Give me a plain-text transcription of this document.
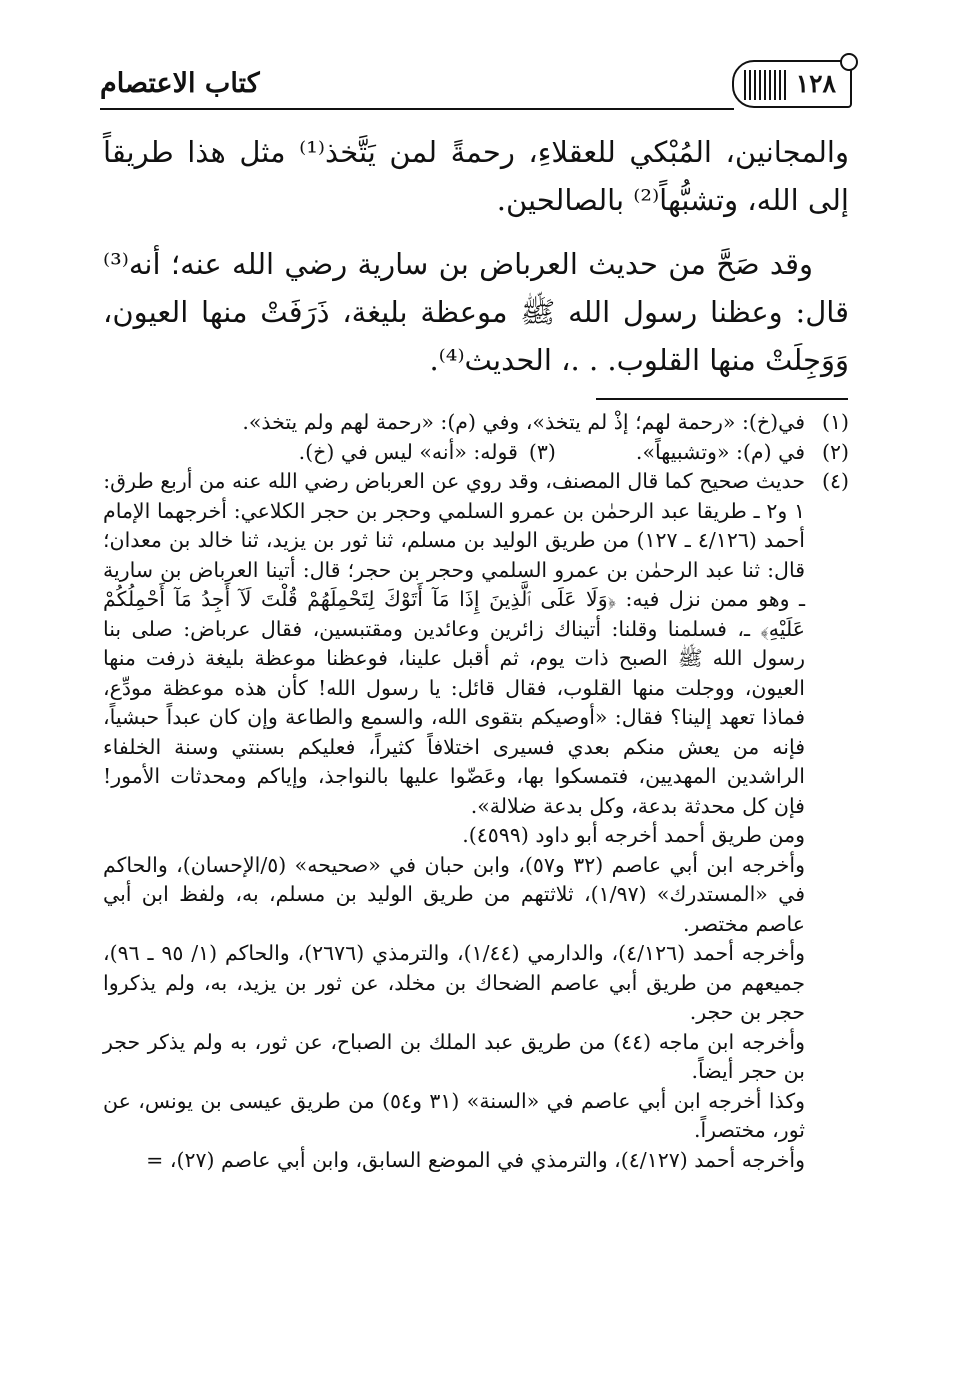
كتاب الاعتصام	١٢٨

والمجانين، المُبْكي للعقلاءِ، رحمةً لمن يَتَّخذ⁽¹⁾ مثل هذا طريقاً إلى الله، وتشبُّهاً⁽²⁾ بالصالحين.

وقد صَحَّ من حديث العرباض بن سارية رضي الله عنه؛ أنه⁽³⁾ قال: وعظنا رسول الله ﷺ موعظة بليغة، ذَرَفَتْ منها العيون، وَوَجِلَتْ منها القلوب. . .، الحديث⁽⁴⁾.

(١)
في(خ): «رحمة لهم؛ إذْ لم يتخذ»، وفي (م): «رحمة لهم ولم يتخذ».
(٢)
في (م): «وتشبيهاً».
(٣)
قوله: «أنه» ليس في (خ).
(٤)
حديث صحيح كما قال المصنف، وقد روي عن العرباض رضي الله عنه من أربع طرق:

١ و٢ ـ طريقا عبد الرحمٰن بن عمرو السلمي وحجر بن حجر الكلاعي: أخرجهما الإمام أحمد (٤/١٢٦ ـ ١٢٧) من طريق الوليد بن مسلم، ثنا ثور بن يزيد، ثنا خالد بن معدان؛ قال: ثنا عبد الرحمٰن بن عمرو السلمي وحجر بن حجر؛ قال: أتينا العرباض بن سارية ـ وهو ممن نزل فيه: ﴿وَلَا عَلَى ٱلَّذِينَ إِذَا مَآ أَتَوْكَ لِتَحْمِلَهُمْ قُلْتَ لَآ أَجِدُ مَآ أَحْمِلُكُمْ عَلَيْهِ﴾ ـ، فسلمنا وقلنا: أتيناك زائرين وعائدين ومقتبسين، فقال عرباض: صلى بنا رسول الله ﷺ الصبح ذات يوم، ثم أقبل علينا، فوعظنا موعظة بليغة ذرفت منها العيون، ووجلت منها القلوب، فقال قائل: يا رسول الله! كأن هذه موعظة مودِّع، فماذا تعهد إلينا؟ فقال: «أوصيكم بتقوى الله، والسمع والطاعة وإن كان عبداً حبشياً، فإنه من يعش منكم بعدي فسيرى اختلافاً كثيراً، فعليكم بسنتي وسنة الخلفاء الراشدين المهديين، فتمسكوا بها، وعَضّوا عليها بالنواجذ، وإياكم ومحدثات الأمور! فإن كل محدثة بدعة، وكل بدعة ضلالة».

ومن طريق أحمد أخرجه أبو داود (٤٥٩٩).

وأخرجه ابن أبي عاصم (٣٢ و٥٧)، وابن حبان في «صحيحه» (٥/الإحسان)، والحاكم في «المستدرك» (١/٩٧)، ثلاثتهم من طريق الوليد بن مسلم، به، ولفظ ابن أبي عاصم مختصر.

وأخرجه أحمد (٤/١٢٦)، والدارمي (١/٤٤)، والترمذي (٢٦٧٦)، والحاكم (١/ ٩٥ ـ ٩٦)، جميعهم من طريق أبي عاصم الضحاك بن مخلد، عن ثور بن يزيد، به، ولم يذكروا حجر بن حجر.

وأخرجه ابن ماجه (٤٤) من طريق عبد الملك بن الصباح، عن ثور، به ولم يذكر حجر بن حجر أيضاً.

وكذا أخرجه ابن أبي عاصم في «السنة» (٣١ و٥٤) من طريق عيسى بن يونس، عن ثور، مختصراً.

وأخرجه أحمد (٤/١٢٧)، والترمذي في الموضع السابق، وابن أبي عاصم (٢٧)، =
